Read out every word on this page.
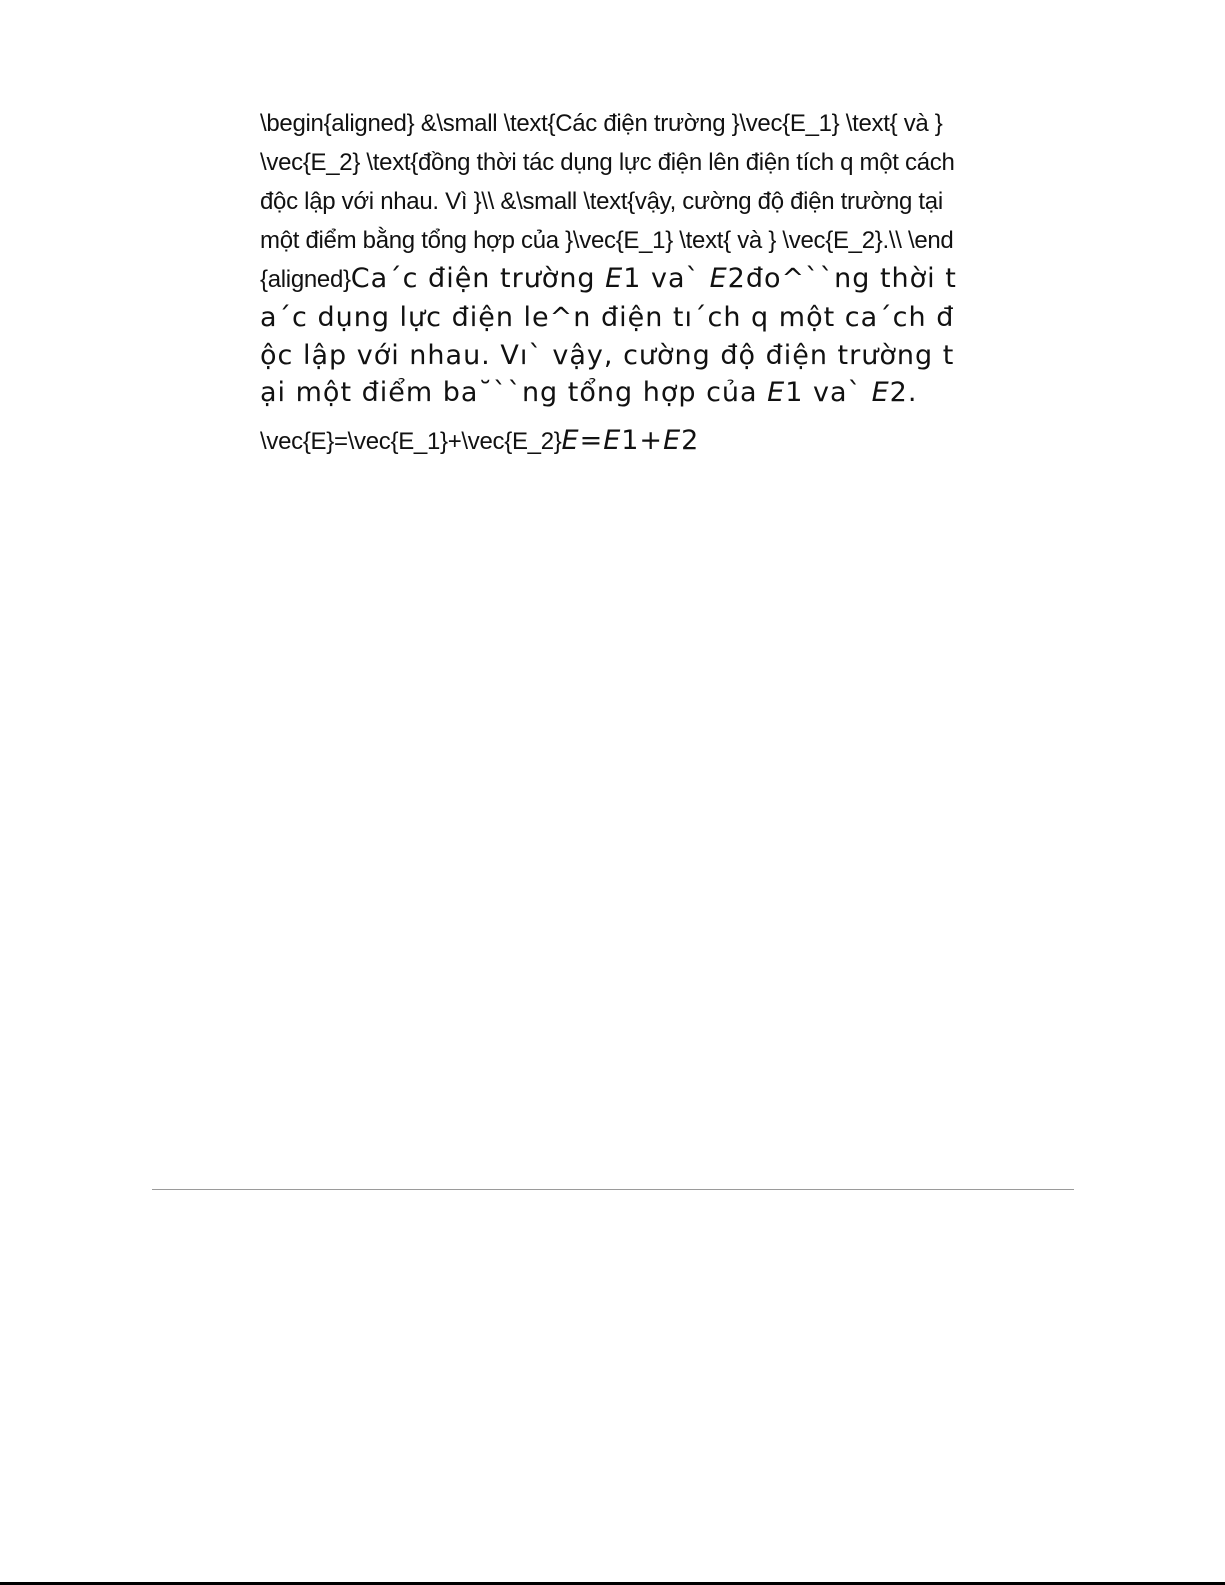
\begin{aligned} &\small \text{Các điện trường }\vec{E_1} \text{ và } \vec{E_2} \text{đồng thời tác dụng lực điện lên điện tích q một cách độc lập với nhau. Vì }\\ &\small \text{vậy, cường độ điện trường tại một điểm bằng tổng hợp của }\vec{E_1} \text{ và } \vec{E_2}.\\ \end{aligned}Ca´c điện trường E1 va` E2đo^``ng thời ta´c dụng lực điện le^n điện tı´ch q một ca´ch độc lập với nhau. Vı` vậy, cường độ điện trường tại một điểm ba˘``ng tổng hợp của E1 va` E2.
\vec{E}=\vec{E_1}+\vec{E_2}E=E1+E2
